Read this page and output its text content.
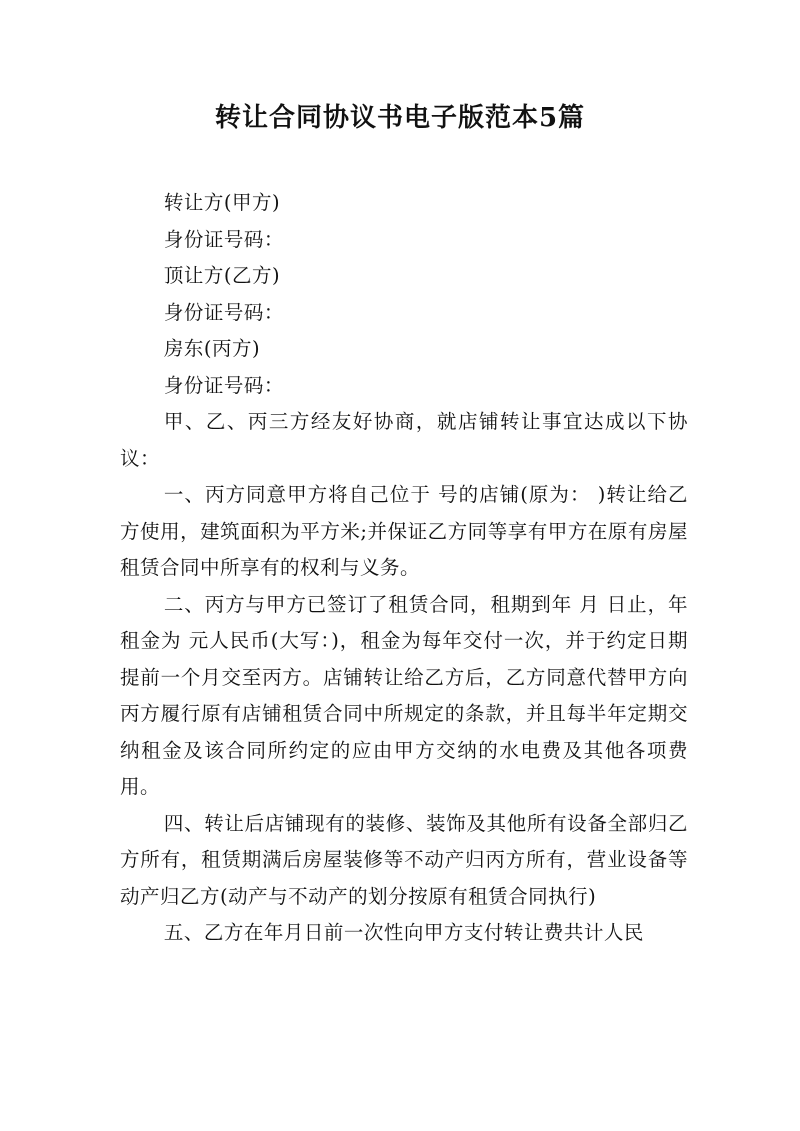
转让合同协议书电子版范本5篇

转让方(甲方)

身份证号码：

顶让方(乙方)

身份证号码：

房东(丙方)

身份证号码：

甲、乙、丙三方经友好协商，就店铺转让事宜达成以下协议：

一、丙方同意甲方将自己位于 号的店铺(原为： )转让给乙方使用，建筑面积为平方米;并保证乙方同等享有甲方在原有房屋租赁合同中所享有的权利与义务。

二、丙方与甲方已签订了租赁合同，租期到年 月 日止，年租金为 元人民币(大写：)，租金为每年交付一次，并于约定日期提前一个月交至丙方。店铺转让给乙方后，乙方同意代替甲方向丙方履行原有店铺租赁合同中所规定的条款，并且每半年定期交纳租金及该合同所约定的应由甲方交纳的水电费及其他各项费用。

四、转让后店铺现有的装修、装饰及其他所有设备全部归乙方所有，租赁期满后房屋装修等不动产归丙方所有，营业设备等动产归乙方(动产与不动产的划分按原有租赁合同执行)

五、乙方在年月日前一次性向甲方支付转让费共计人民
